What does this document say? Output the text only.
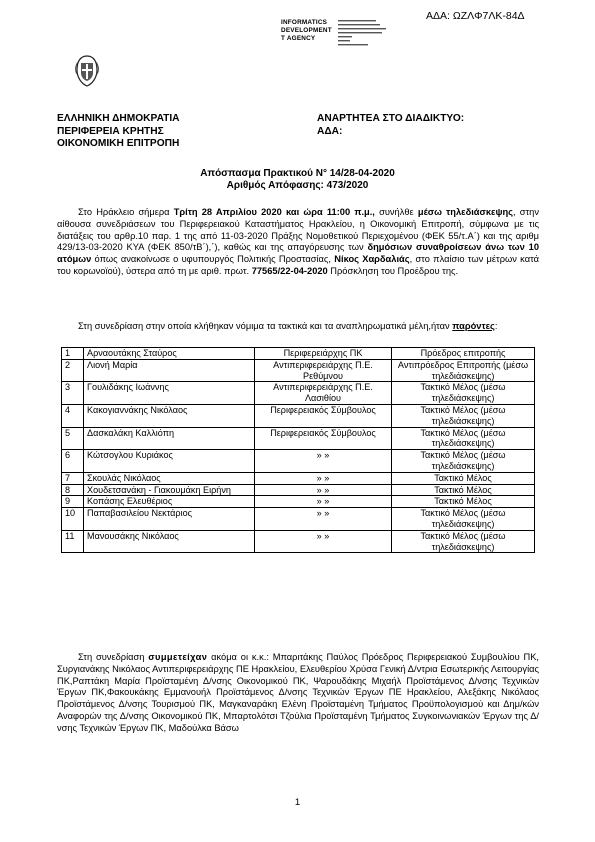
ΑΔΑ: ΩΖΛΦ7ΛΚ-84Δ
INFORMATICS
DEVELOPMENT
T AGENCY
ΕΛΛΗΝΙΚΗ ΔΗΜΟΚΡΑΤΙΑ
ΠΕΡΙΦΕΡΕΙΑ ΚΡΗΤΗΣ
ΟΙΚΟΝΟΜΙΚΗ ΕΠΙΤΡΟΠΗ
ΑΝΑΡΤΗΤΕΑ ΣΤΟ ΔΙΑΔΙΚΤΥΟ:
ΑΔΑ:
Απόσπασμα Πρακτικού Ν° 14/28-04-2020
Αριθμός Απόφασης: 473/2020
Στο Ηράκλειο σήμερα Τρίτη 28 Απριλίου 2020 και ώρα 11:00 π.μ., συνήλθε μέσω τηλεδιάσκεψης, στην αίθουσα συνεδριάσεων του Περιφερειακού Καταστήματος Ηρακλείου, η Οικονομική Επιτροπή, σύμφωνα με τις διατάξεις του αρθρ.10 παρ. 1 της από 11-03-2020 Πράξης Νομοθετικού Περιεχομένου (ΦΕΚ 55/τ.Α΄) και της αριθμ 429/13-03-2020 ΚΥΑ (ΦΕΚ 850/τΒ΄),΄), καθώς και της απαγόρευσης των δημόσιων συναθροίσεων άνω των 10 ατόμων όπως ανακοίνωσε ο υφυπουργός Πολιτικής Προστασίας, Νίκος Χαρδαλιάς, στο πλαίσιο των μέτρων κατά του κορωνοϊού), ύστερα από τη με αριθ. πρωτ. 77565/22-04-2020 Πρόσκληση του Προέδρου της.
Στη συνεδρίαση στην οποία κλήθηκαν νόμιμα τα τακτικά και τα αναπληρωματικά μέλη,ήταν παρόντες:
1	Αρναουτάκης Σταύρος	Περιφερειάρχης ΠΚ	Πρόεδρος επιτροπής
2	Λιονή Μαρία	Αντιπεριφερειάρχης Π.Ε. Ρεθύμνου	Αντιπρόεδρος Επιτροπής (μέσω τηλεδιάσκεψης)
3	Γουλιδάκης Ιωάννης	Αντιπεριφερειάρχης Π.Ε. Λασιθίου	Τακτικό Μέλος (μέσω τηλεδιάσκεψης)
4	Κακογιαννάκης Νικόλαος	Περιφερειακός Σύμβουλος	Τακτικό Μέλος (μέσω τηλεδιάσκεψης)
5	Δασκαλάκη Καλλιόπη	Περιφερειακός Σύμβουλος	Τακτικό Μέλος (μέσω τηλεδιάσκεψης)
6	Κώτσογλου Κυριάκος	» »	Τακτικό Μέλος (μέσω τηλεδιάσκεψης)
7	Σκουλάς Νικόλαος	» »	Τακτικό Μέλος
8	Χουδετσανάκη - Γιακουμάκη Ειρήνη	» »	Τακτικό Μέλος
9	Κοπάσης Ελευθέριος	» »	Τακτικό Μέλος
10	Παπαβασιλείου Νεκτάριος	» »	Τακτικό Μέλος (μέσω τηλεδιάσκεψης)
11	Μανουσάκης Νικόλαος	» »	Τακτικό Μέλος (μέσω τηλεδιάσκεψης)
Στη συνεδρίαση συμμετείχαν ακόμα οι κ.κ.: Μπαριτάκης Παύλος Πρόεδρος Περιφερειακού Συμβουλίου ΠΚ, Συργιανάκης Νικόλαος Αντιπεριφερειάρχης ΠΕ Ηρακλείου, Ελευθερίου Χρύσα Γενική Δ/ντρια Εσωτερικής Λειτουργίας ΠΚ,Ραπτάκη Μαρία Προϊσταμένη Δ/νσης Οικονομικού ΠΚ, Ψαρουδάκης Μιχαήλ Προϊστάμενος Δ/νσης Τεχνικών Έργων ΠΚ,Φακουκάκης Εμμανουήλ Προϊστάμενος Δ/νσης Τεχνικών Έργων ΠΕ Ηρακλείου, Αλεξάκης Νικόλαος Προϊστάμενος Δ/νσης Τουρισμού ΠΚ, Μαγκαναράκη Ελένη Προϊσταμένη Τμήματος Προϋπολογισμού και Δημ/κών Αναφορών της Δ/νσης Οικονομικού ΠΚ, Μπαρτολότσι Τζούλια Προϊσταμένη Τμήματος Συγκοινωνιακών Έργων της Δ/νσης Τεχνικών Έργων ΠΚ, Μαδούλκα Βάσω
1
